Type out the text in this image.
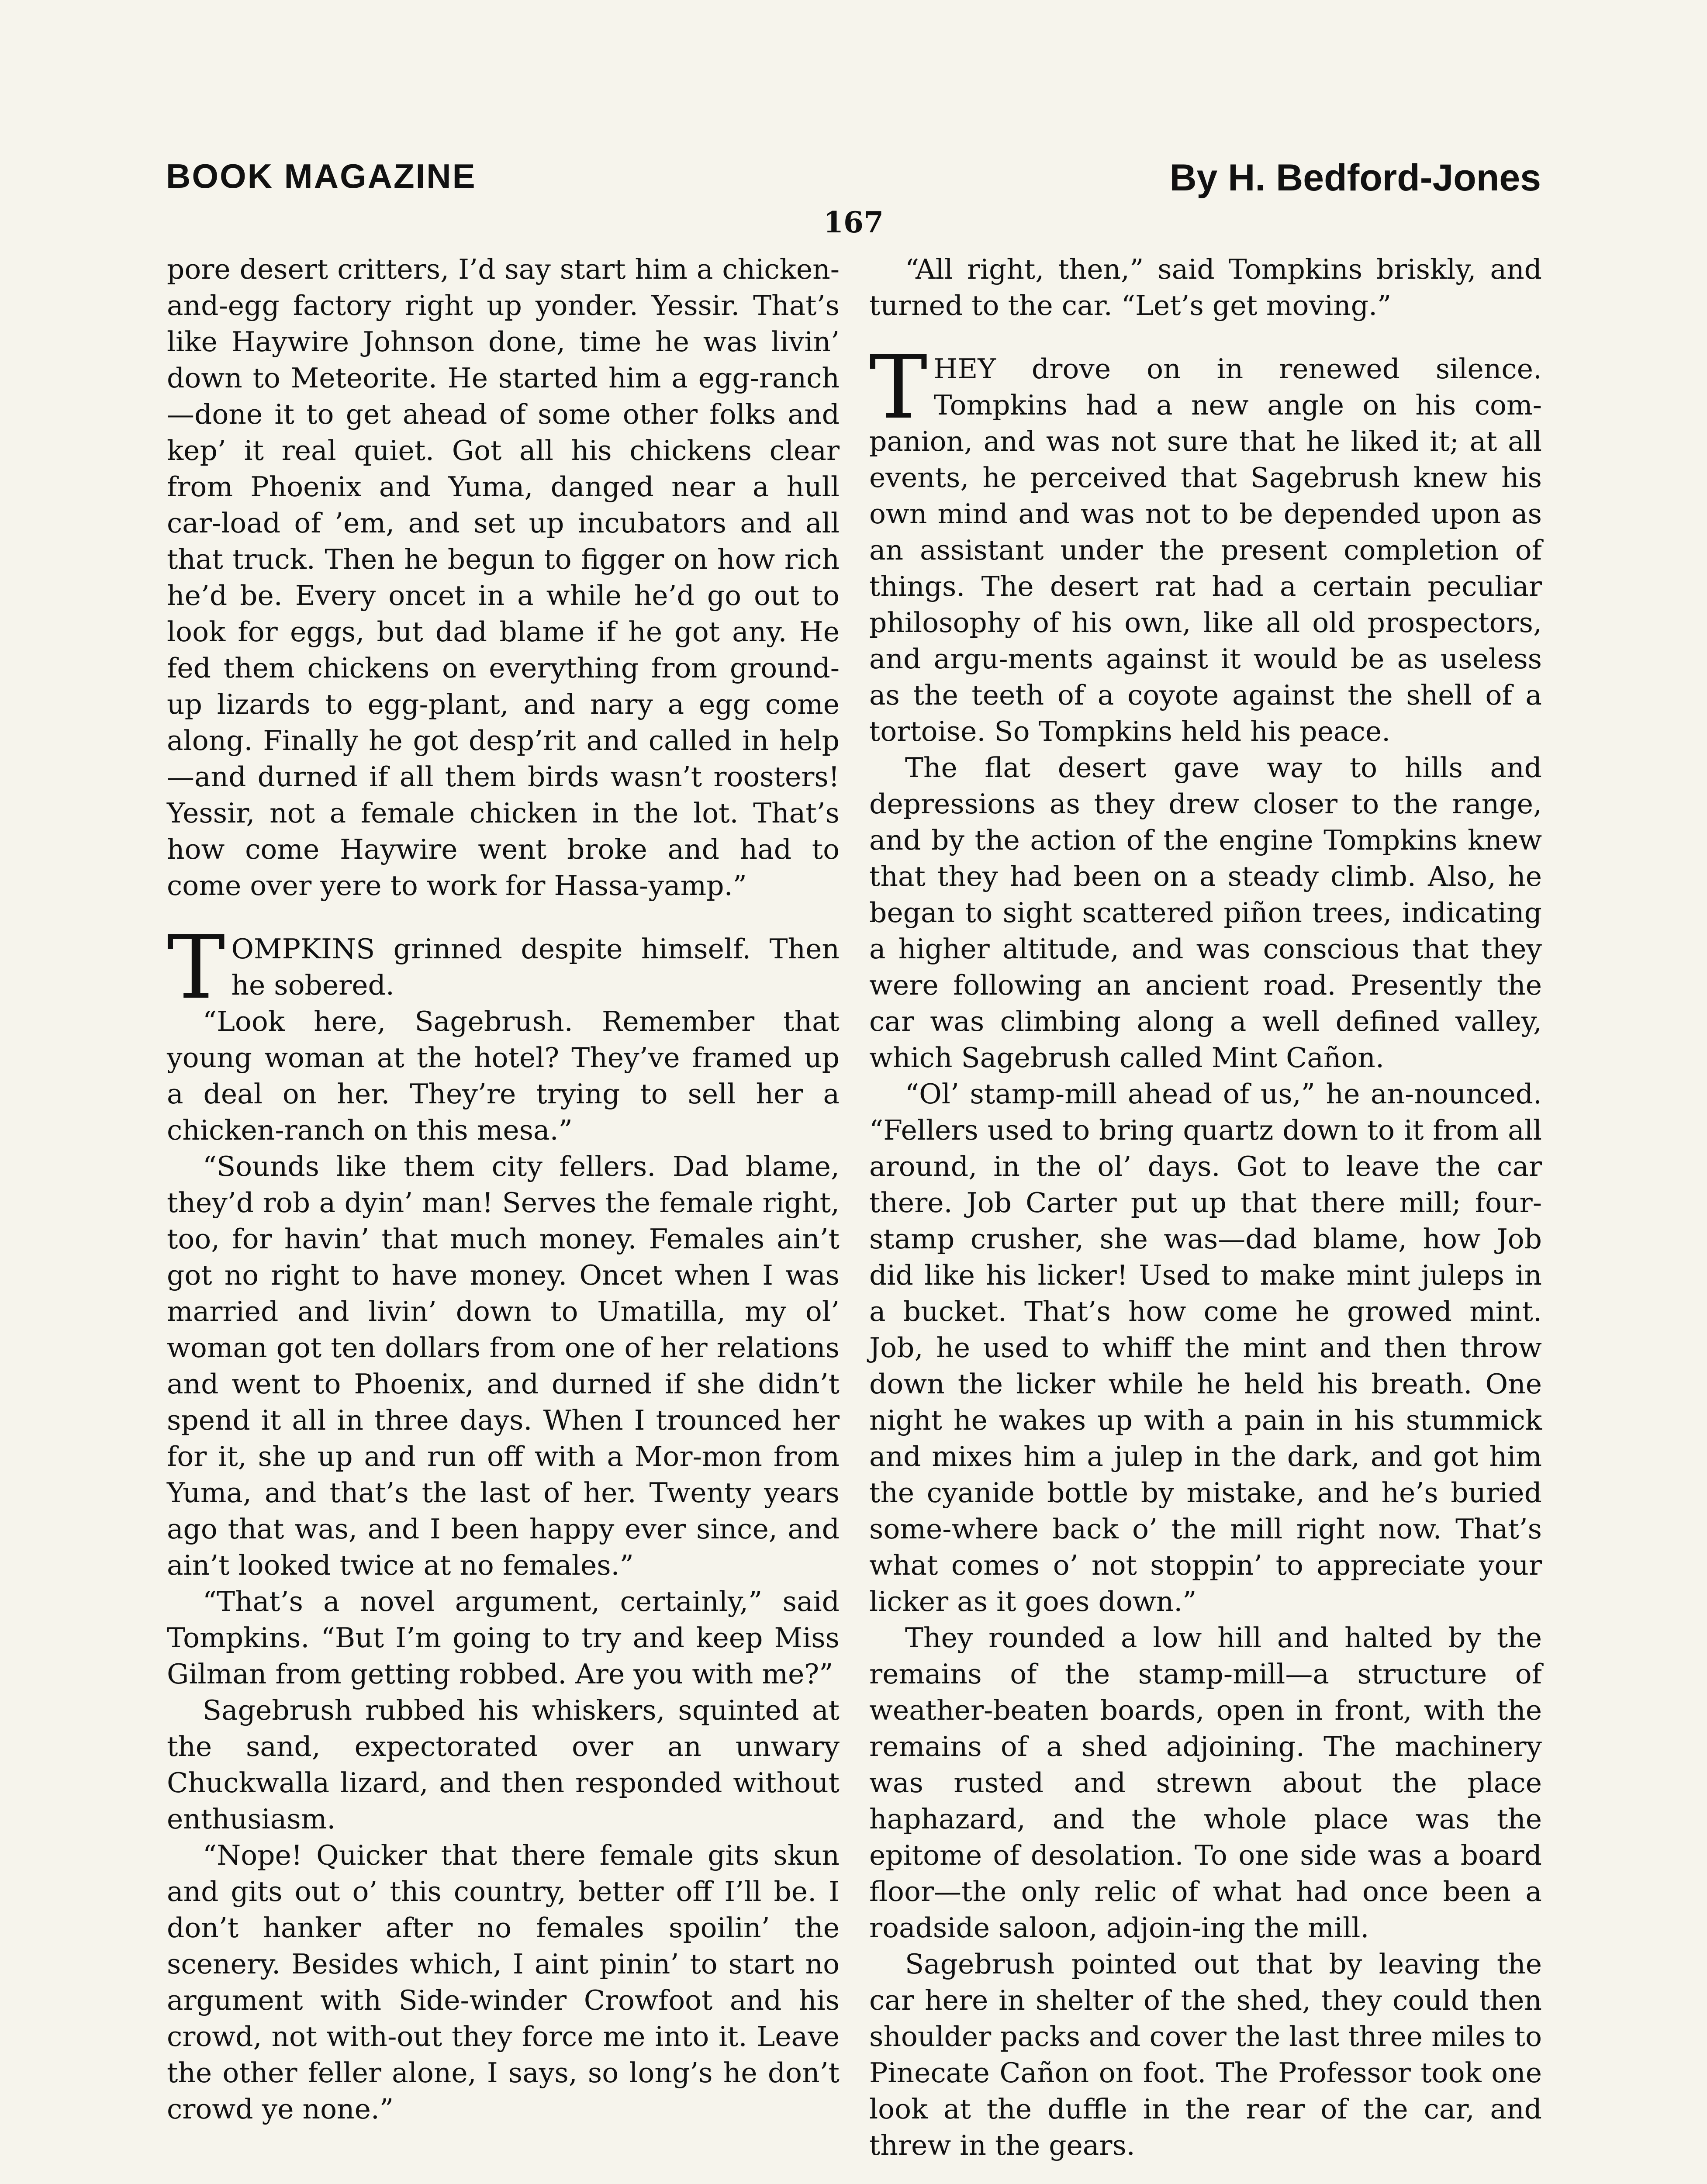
BOOK MAGAZINE	By H. Bedford-Jones
167

pore desert critters, I’d say start him a chicken-and-egg factory right up yonder. Yessir. That’s like Haywire Johnson done, time he was livin’ down to Meteorite. He started him a egg-ranch—done it to get ahead of some other folks and kep’ it real quiet. Got all his chickens clear from Phoenix and Yuma, danged near a hull car-load of ’em, and set up incubators and all that truck. Then he begun to figger on how rich he’d be. Every oncet in a while he’d go out to look for eggs, but dad blame if he got any. He fed them chickens on everything from ground-up lizards to egg-plant, and nary a egg come along. Finally he got desp’rit and called in help—and durned if all them birds wasn’t roosters! Yessir, not a female chicken in the lot. That’s how come Haywire went broke and had to come over yere to work for Hassa-yamp.”

TOMPKINS grinned despite himself. Then he sobered.

“Look here, Sagebrush. Remember that young woman at the hotel? They’ve framed up a deal on her. They’re trying to sell her a chicken-ranch on this mesa.”

“Sounds like them city fellers. Dad blame, they’d rob a dyin’ man! Serves the female right, too, for havin’ that much money. Females ain’t got no right to have money. Oncet when I was married and livin’ down to Umatilla, my ol’ woman got ten dollars from one of her relations and went to Phoenix, and durned if she didn’t spend it all in three days. When I trounced her for it, she up and run off with a Mor-mon from Yuma, and that’s the last of her. Twenty years ago that was, and I been happy ever since, and ain’t looked twice at no females.”

“That’s a novel argument, certainly,” said Tompkins. “But I’m going to try and keep Miss Gilman from getting robbed. Are you with me?”

Sagebrush rubbed his whiskers, squinted at the sand, expectorated over an unwary Chuckwalla lizard, and then responded without enthusiasm.

“Nope! Quicker that there female gits skun and gits out o’ this country, better off I’ll be. I don’t hanker after no females spoilin’ the scenery. Besides which, I aint pinin’ to start no argument with Side-winder Crowfoot and his crowd, not with-out they force me into it. Leave the other feller alone, I says, so long’s he don’t crowd ye none.”

“All right, then,” said Tompkins briskly, and turned to the car. “Let’s get moving.”

THEY drove on in renewed silence. Tompkins had a new angle on his com-panion, and was not sure that he liked it; at all events, he perceived that Sagebrush knew his own mind and was not to be depended upon as an assistant under the present completion of things. The desert rat had a certain peculiar philosophy of his own, like all old prospectors, and argu-ments against it would be as useless as the teeth of a coyote against the shell of a tortoise. So Tompkins held his peace.

The flat desert gave way to hills and depressions as they drew closer to the range, and by the action of the engine Tompkins knew that they had been on a steady climb. Also, he began to sight scattered piñon trees, indicating a higher altitude, and was conscious that they were following an ancient road. Presently the car was climbing along a well defined valley, which Sagebrush called Mint Cañon.

“Ol’ stamp-mill ahead of us,” he an-nounced. “Fellers used to bring quartz down to it from all around, in the ol’ days. Got to leave the car there. Job Carter put up that there mill; four-stamp crusher, she was—dad blame, how Job did like his licker! Used to make mint juleps in a bucket. That’s how come he growed mint. Job, he used to whiff the mint and then throw down the licker while he held his breath. One night he wakes up with a pain in his stummick and mixes him a julep in the dark, and got him the cyanide bottle by mistake, and he’s buried some-where back o’ the mill right now. That’s what comes o’ not stoppin’ to appreciate your licker as it goes down.”

They rounded a low hill and halted by the remains of the stamp-mill—a structure of weather-beaten boards, open in front, with the remains of a shed adjoining. The machinery was rusted and strewn about the place haphazard, and the whole place was the epitome of desolation. To one side was a board floor—the only relic of what had once been a roadside saloon, adjoin-ing the mill.

Sagebrush pointed out that by leaving the car here in shelter of the shed, they could then shoulder packs and cover the last three miles to Pinecate Cañon on foot. The Professor took one look at the duffle in the rear of the car, and threw in the gears.
